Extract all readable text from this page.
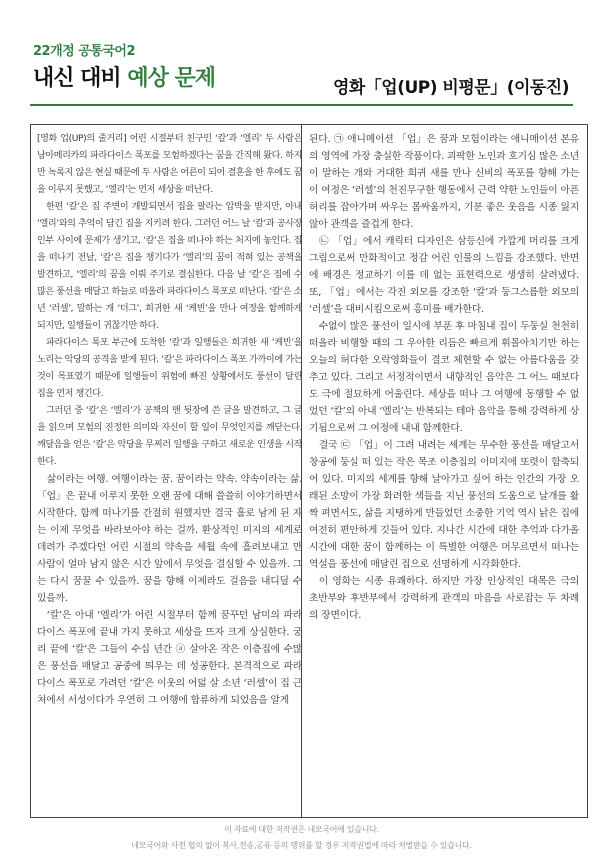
22개정 공통국어2
내신 대비 예상 문제	영화「업(UP) 비평문」(이동진)

[영화 업(UP)의 줄거리] 어린 시절부터 친구인 ‘칼’과 ‘엘리’ 두 사람은 남아메리카의 파라다이스 폭포를 모험하겠다는 꿈을 간직해 왔다. 하지만 녹록지 않은 현실 때문에 두 사람은 어른이 되어 결혼을 한 후에도 꿈을 이루지 못했고, ‘엘리’는 먼저 세상을 떠난다.

한편 ‘칼’은 집 주변이 개발되면서 집을 팔라는 압박을 받지만, 아내 ‘엘리’와의 추억이 담긴 집을 지키려 한다. 그러던 어느 날 ‘칼’과 공사장 인부 사이에 문제가 생기고, ‘칼’은 집을 떠나야 하는 처지에 놓인다. 집을 떠나기 전날, ‘칼’은 집을 챙기다가 ‘엘리’의 꿈이 적혀 있는 공책을 발견하고, ‘엘리’의 꿈을 이뤄 주기로 결심한다. 다음 날 ‘칼’은 집에 수많은 풍선을 매달고 하늘로 떠올라 파라다이스 폭포로 떠난다. ‘칼’은 소년 ‘러셀’, 말하는 개 ‘더그’, 희귀한 새 ‘케빈’을 만나 여정을 함께하게 되지만, 일행들이 귀찮기만 하다.

파라다이스 폭포 부근에 도착한 ‘칼’과 일행들은 희귀한 새 ‘케빈’을 노리는 악당의 공격을 받게 된다. ‘칼’은 파라다이스 폭포 가까이에 가는 것이 목표였기 때문에 일행들이 위험에 빠진 상황에서도 풍선이 달린 집을 먼저 챙긴다.

그러던 중 ‘칼’은 ‘엘리’가 공책의 맨 뒷장에 쓴 글을 발견하고, 그 글을 읽으며 모험의 진정한 의미와 자신이 할 일이 무엇인지를 깨닫는다. 깨달음을 얻은 ‘칼’은 악당을 무찌러 일행을 구하고 새로운 인생을 시작한다.

삶이라는 여행. 여행이라는 꿈. 꿈이라는 약속. 약속이라는 삶. 「업」은 끝내 이루지 못한 오랜 꿈에 대해 쓸쓸히 이야기하면서 시작한다. 함께 떠나기를 간절히 원했지만 결국 홀로 남게 된 자는 이제 무엇을 바라보아야 하는 걸까. 환상적인 미지의 세계로 데려가 주겠다던 어린 시절의 약속을 세월 속에 흘려보내고 만 사람이 얼마 남지 않은 시간 앞에서 무엇을 결심할 수 있을까. 그는 다시 꿈꿀 수 있을까. 꿈을 향해 이제라도 걸음을 내디딜 수 있을까.

‘칼’은 아내 ‘엘리’가 어린 시절부터 함께 꿈꾸던 남미의 파라다이스 폭포에 끝내 가지 못하고 세상을 뜨자 크게 상심한다. 궁리 끝에 ‘칼’은 그들이 수십 년간 ⓐ 살아온 작은 이층집에 수많은 풍선을 매달고 공중에 띄우는 데 성공한다. 본격적으로 파라다이스 폭포로 가려던 ‘칼’은 이웃의 어덟 살 소년 ‘러셀’이 집 근처에서 서성이다가 우연히 그 여행에 합류하게 되었음을 알게

된다. ㉠ 애니메이션 「업」은 꿈과 모험이라는 애니메이션 본유의 영역에 가장 충실한 작품이다. 괴팍한 노인과 호기심 많은 소년이 말하는 개와 거대한 희귀 새를 만나 신비의 폭포를 향해 가는 이 여정은 ‘러셀’의 천진무구한 행동에서 근력 약한 노인들이 아픈 허리를 잡아가며 싸우는 몸싸움까지, 기분 좋은 웃음을 시종 잃지 않아 관객을 즐겁게 한다.

㉡ 「업」에서 캐릭터 디자인은 삼등신에 가깝게 머리를 크게 그림으로써 만화적이고 정감 어린 인물의 느낌을 강조했다. 반면에 배경은 정교하기 이를 데 없는 표현력으로 생생히 살려냈다. 또, 「업」에서는 각진 외모를 강조한 ‘칼’과 둥그스름한 외모의 ‘러셀’을 대비시킴으로써 흥미를 배가한다.

수없이 많은 풍선이 일시에 부푼 후 마침내 집이 두둥실 천천히 떠올라 비행할 때의 그 우아한 리듬은 빠르게 휘몰아치기만 하는 오늘의 허다한 오락영화들이 결코 체현할 수 없는 아름다움을 갖추고 있다. 그리고 서정적이면서 내향적인 음악은 그 어느 때보다도 극에 절묘하게 어울린다. 세상을 떠나 그 여행에 동행할 수 없었던 ‘칼’의 아내 ‘엘리’는 반복되는 테마 음악을 통해 강력하게 상기됨으로써 그 여정에 내내 함께한다.

결국 ㉢ 「업」이 그려 내려는 세계는 무수한 풍선을 매달고서 창공에 둥실 떠 있는 작은 목조 이층집의 이미지에 또렷이 함축되어 있다. 미지의 세계를 향해 날아가고 싶어 하는 인간의 가장 오래된 소망이 가장 화려한 색들을 지닌 풍선의 도움으로 날개를 활짝 펴면서도, 삶을 지탱하게 만들었던 소중한 기억 역시 낡은 집에 여전히 편안하게 깃들어 있다. 지나간 시간에 대한 추억과 다가올 시간에 대한 꿈이 함께하는 이 특별한 여행은 머무르면서 떠나는 역설을 풍선에 매달린 집으로 선명하게 시각화한다.

이 영화는 시종 유쾌하다. 하지만 가장 인상적인 대목은 극의 초반부와 후반부에서 강력하게 관객의 마음을 사로잡는 두 차례의 장면이다.

이 자료에 대한 저작권은 네모국어에 있습니다.
네모국어와 사전 협의 없이 복사,전송,공유 등의 행위를 할 경우 저작권법에 따라 처벌받을 수 있습니다.
